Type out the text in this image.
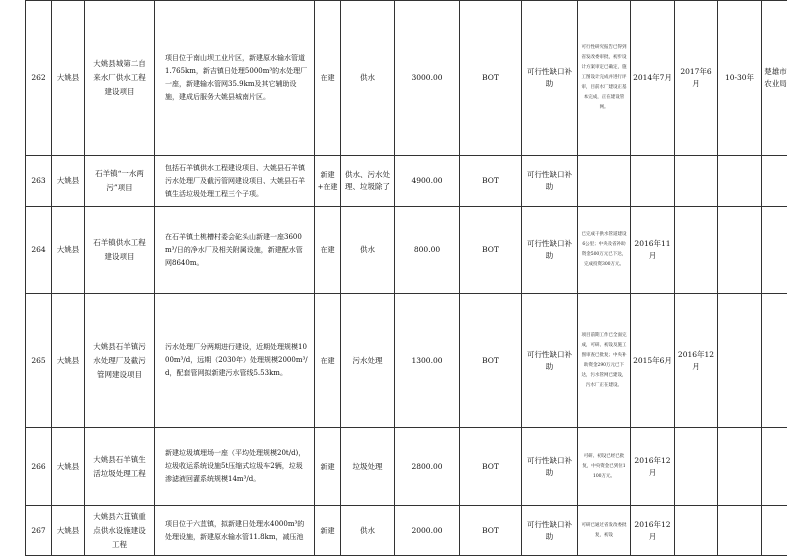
262	大姚县	大姚县城第二自来水厂供水工程建设项目	项目位于南山坝工业片区，新建原水输水管道1.765km，新吉镇日处理5000m³的水处理厂一座，新建输水管网35.9km及其它辅助设施，建成后服务大姚县城南片区。	在建	供水	3000.00	BOT	可行性缺口补助	可行性研究报告已得到省发改委审批，初步设计方案审定已确定，施工图设计完成并进行评审，目前水厂建设正基本完成，正在建设管网。	2014年7月	2017年6月	10-30年	楚雄市农业局
263	大姚县	石羊镇“一水两污”项目	包括石羊镇供水工程建设项目、大姚县石羊镇污水处理厂及截污管网建设项目、大姚县石羊镇生活垃圾处理工程三个子项。	新建+在建	供水、污水处理、垃圾除了	4900.00	BOT	可行性缺口补助					
264	大姚县	石羊镇供水工程建设项目	在石羊镇土桃槽村委会砣头山新建一座3600m³/日的净水厂及相关附属设施，新建配水管网8640m。	在建	供水	800.00	BOT	可行性缺口补助	已完成干供水管道建设6公里；中央及省补助资金500万元已下达，完成投资300万元。	2016年11月			
265	大姚县	大姚县石羊镇污水处理厂及截污管网建设项目	污水处理厂分两期进行建设，近期处理规模1000m³/d，远期（2030年）处理规模2000m³/d，配套管网拟新建污水管线5.53km。	在建	污水处理	1300.00	BOT	可行性缺口补助	项目前期工作已全面完成，可研、初设及施工图审查已批复；中央补助资金290万元已下达，污水管网已建设，污水厂正在建设。	2015年6月	2016年12月		
266	大姚县	大姚县石羊镇生活垃圾处理工程	新建垃圾填埋场一座（平均处理规模20t/d)，垃圾收运系统设施5t压缩式垃圾车2辆，垃圾渗滤液回灌系统规模14m³/d。	新建	垃圾处理	2800.00	BOT	可行性缺口补助	可研、初设已经已批复，中央资金已到位1100万元。	2016年12月			
267	大姚县	大姚县六苴镇重点供水设施建设工程	项目位于六苴镇，拟新建日处理水4000m³的处理设施，新建原水输水管11.8km，减压池	新建	供水	2000.00	BOT	可行性缺口补助	可研已通过省发改委批复，初设	2016年12月			
